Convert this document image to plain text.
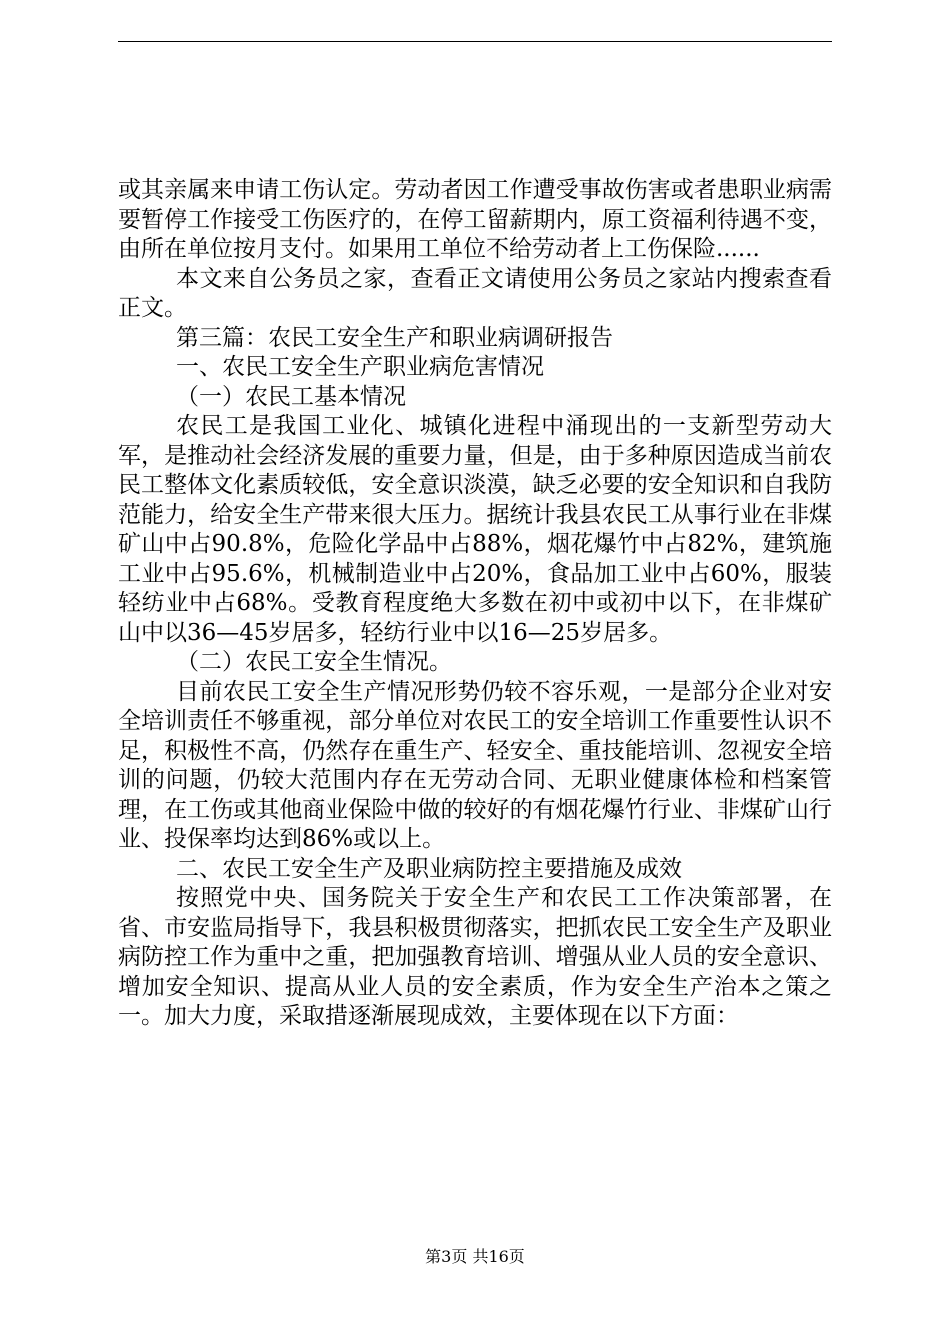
或其亲属来申请工伤认定。劳动者因工作遭受事故伤害或者患职业病需要暂停工作接受工伤医疗的，在停工留薪期内，原工资福利待遇不变，由所在单位按月支付。如果用工单位不给劳动者上工伤保险......

本文来自公务员之家，查看正文请使用公务员之家站内搜索查看正文。

第三篇：农民工安全生产和职业病调研报告

一、农民工安全生产职业病危害情况

（一）农民工基本情况

农民工是我国工业化、城镇化进程中涌现出的一支新型劳动大军，是推动社会经济发展的重要力量，但是，由于多种原因造成当前农民工整体文化素质较低，安全意识淡漠，缺乏必要的安全知识和自我防范能力，给安全生产带来很大压力。据统计我县农民工从事行业在非煤矿山中占90.8%，危险化学品中占88%，烟花爆竹中占82%，建筑施工业中占95.6%，机械制造业中占20%，食品加工业中占60%，服装轻纺业中占68%。受教育程度绝大多数在初中或初中以下，在非煤矿山中以36—45岁居多，轻纺行业中以16—25岁居多。

（二）农民工安全生情况。

目前农民工安全生产情况形势仍较不容乐观，一是部分企业对安全培训责任不够重视，部分单位对农民工的安全培训工作重要性认识不足，积极性不高，仍然存在重生产、轻安全、重技能培训、忽视安全培训的问题，仍较大范围内存在无劳动合同、无职业健康体检和档案管理，在工伤或其他商业保险中做的较好的有烟花爆竹行业、非煤矿山行业、投保率均达到86%或以上。

二、农民工安全生产及职业病防控主要措施及成效

按照党中央、国务院关于安全生产和农民工工作决策部署，在省、市安监局指导下，我县积极贯彻落实，把抓农民工安全生产及职业病防控工作为重中之重，把加强教育培训、增强从业人员的安全意识、增加安全知识、提高从业人员的安全素质，作为安全生产治本之策之一。加大力度，采取措逐渐展现成效，主要体现在以下方面：

第3页 共16页
